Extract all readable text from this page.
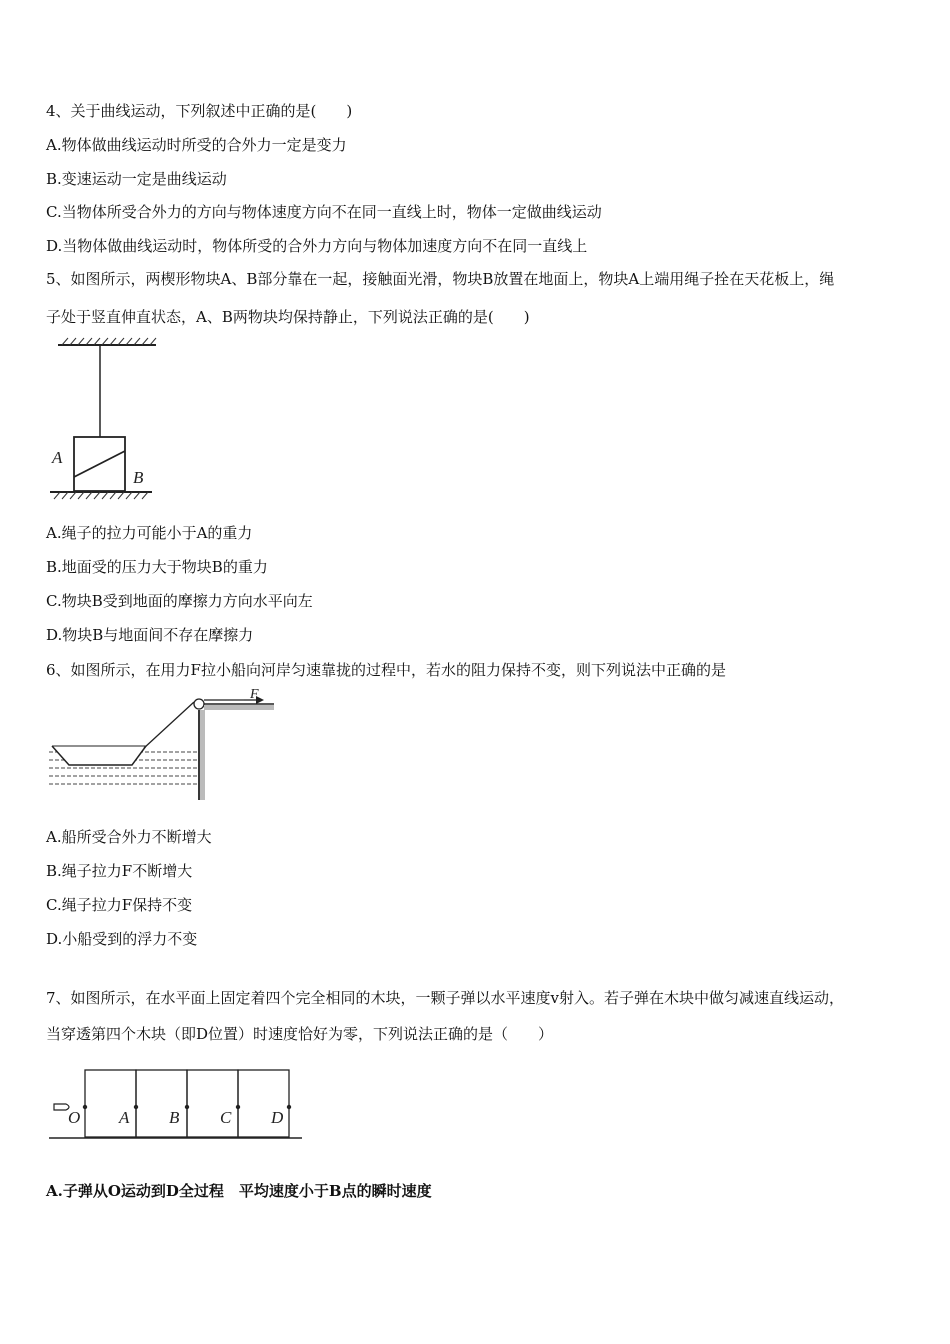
4、关于曲线运动，下列叙述中正确的是(　　)
A.物体做曲线运动时所受的合外力一定是变力
B.变速运动一定是曲线运动
C.当物体所受合外力的方向与物体速度方向不在同一直线上时，物体一定做曲线运动
D.当物体做曲线运动时，物体所受的合外力方向与物体加速度方向不在同一直线上
5、如图所示，两楔形物块A、B部分靠在一起，接触面光滑，物块B放置在地面上，物块A上端用绳子拴在天花板上，绳
子处于竖直伸直状态，A、B两物块均保持静止，下列说法正确的是(　　)
A
B
A.绳子的拉力可能小于A的重力
B.地面受的压力大于物块B的重力
C.物块B受到地面的摩擦力方向水平向左
D.物块B与地面间不存在摩擦力
6、如图所示，在用力F拉小船向河岸匀速靠拢的过程中，若水的阻力保持不变，则下列说法中正确的是
F
A.船所受合外力不断增大
B.绳子拉力F不断增大
C.绳子拉力F保持不变
D.小船受到的浮力不变
7、如图所示，在水平面上固定着四个完全相同的木块，一颗子弹以水平速度v射入。若子弹在木块中做匀减速直线运动，
当穿透第四个木块（即D位置）时速度恰好为零，下列说法正确的是（　　）
O A B C D
A.子弹从O运动到D全过程　平均速度小于B点的瞬时速度
